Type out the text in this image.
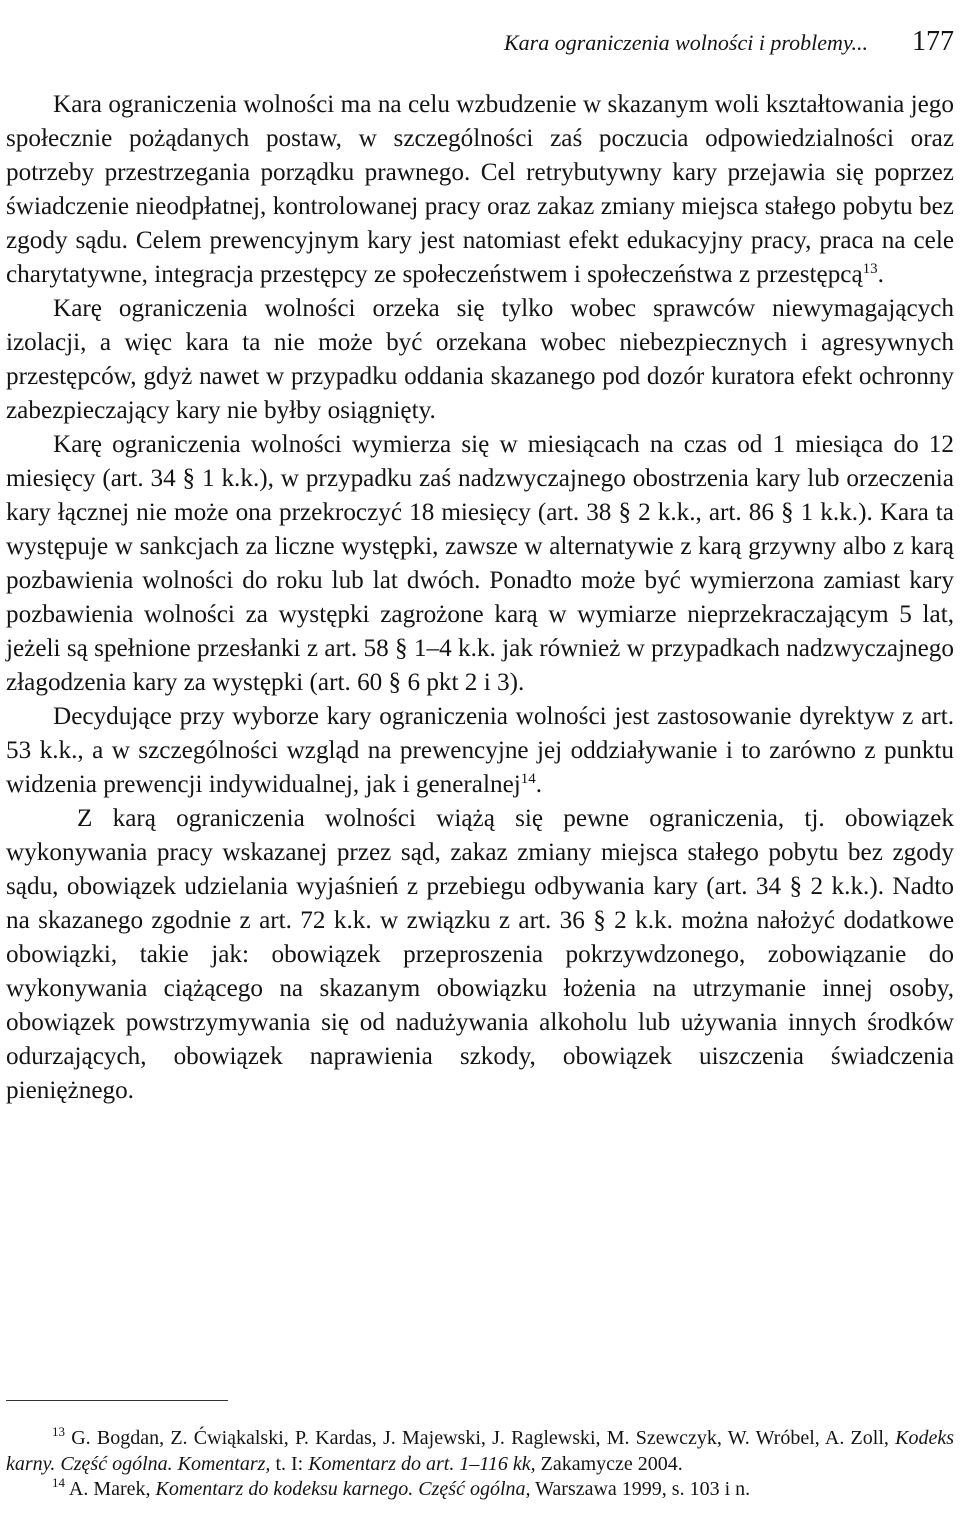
Kara ograniczenia wolności i problemy... 177

Kara ograniczenia wolności ma na celu wzbudzenie w skazanym woli kształtowania jego społecznie pożądanych postaw, w szczególności zaś poczucia odpowiedzialności oraz potrzeby przestrzegania porządku prawnego. Cel retrybutywny kary przejawia się poprzez świadczenie nieodpłatnej, kontrolowanej pracy oraz zakaz zmiany miejsca stałego pobytu bez zgody sądu. Celem prewencyjnym kary jest natomiast efekt edukacyjny pracy, praca na cele charytatywne, integracja przestępcy ze społeczeństwem i społeczeństwa z przestępcą$^{13}$.

Karę ograniczenia wolności orzeka się tylko wobec sprawców niewymagających izolacji, a więc kara ta nie może być orzekana wobec niebezpiecznych i agresywnych przestępców, gdyż nawet w przypadku oddania skazanego pod dozór kuratora efekt ochronny zabezpieczający kary nie byłby osiągnięty.

Karę ograniczenia wolności wymierza się w miesiącach na czas od 1 miesiąca do 12 miesięcy (art. 34 § 1 k.k.), w przypadku zaś nadzwyczajnego obostrzenia kary lub orzeczenia kary łącznej nie może ona przekroczyć 18 miesięcy (art. 38 § 2 k.k., art. 86 § 1 k.k.). Kara ta występuje w sankcjach za liczne występki, zawsze w alternatywie z karą grzywny albo z karą pozbawienia wolności do roku lub lat dwóch. Ponadto może być wymierzona zamiast kary pozbawienia wolności za występki zagrożone karą w wymiarze nieprzekraczającym 5 lat, jeżeli są spełnione przesłanki z art. 58 § 1–4 k.k. jak również w przypadkach nadzwyczajnego złagodzenia kary za występki (art. 60 § 6 pkt 2 i 3).

Decydujące przy wyborze kary ograniczenia wolności jest zastosowanie dyrektyw z art. 53 k.k., a w szczególności wzgląd na prewencyjne jej oddziaływanie i to zarówno z punktu widzenia prewencji indywidualnej, jak i generalnej$^{14}$.

Z karą ograniczenia wolności wiążą się pewne ograniczenia, tj. obowiązek wykonywania pracy wskazanej przez sąd, zakaz zmiany miejsca stałego pobytu bez zgody sądu, obowiązek udzielania wyjaśnień z przebiegu odbywania kary (art. 34 § 2 k.k.). Nadto na skazanego zgodnie z art. 72 k.k. w związku z art. 36 § 2 k.k. można nałożyć dodatkowe obowiązki, takie jak: obowiązek przeproszenia pokrzywdzonego, zobowiązanie do wykonywania ciążącego na skazanym obowiązku łożenia na utrzymanie innej osoby, obowiązek powstrzymywania się od nadużywania alkoholu lub używania innych środków odurzających, obowiązek naprawienia szkody, obowiązek uiszczenia świadczenia pieniężnego.

$^{13}$ G. Bogdan, Z. Ćwiąkalski, P. Kardas, J. Majewski, J. Raglewski, M. Szewczyk, W. Wróbel, A. Zoll, Kodeks karny. Część ogólna. Komentarz, t. I: Komentarz do art. 1–116 kk, Zakamycze 2004.

$^{14}$ A. Marek, Komentarz do kodeksu karnego. Część ogólna, Warszawa 1999, s. 103 i n.
